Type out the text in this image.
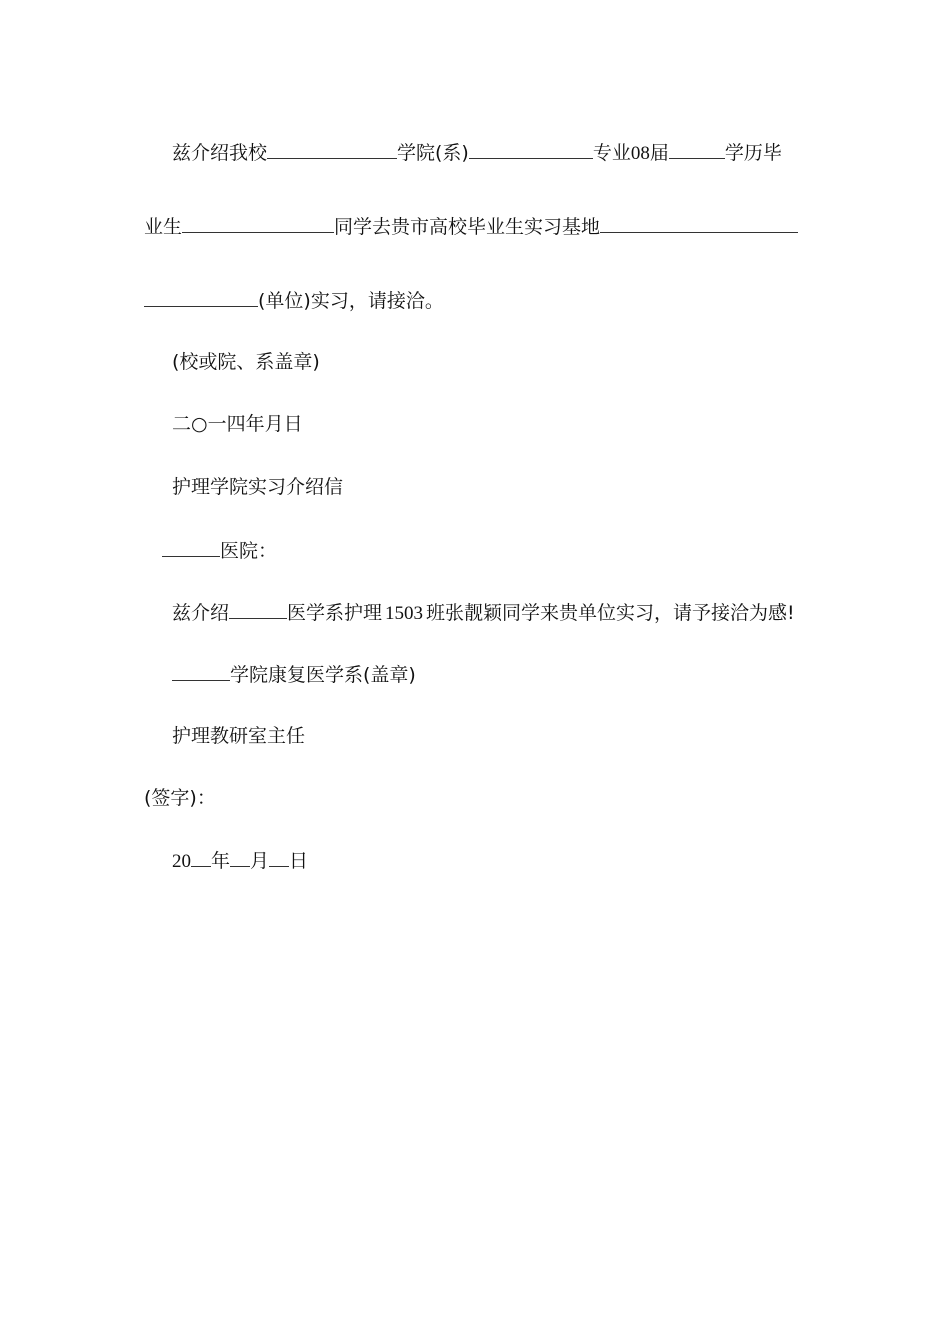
兹介绍我校	学院(系)	专业08届	学历毕
业生	同学去贵市高校毕业生实习基地
(单位)实习，请接洽。
(校或院、系盖章)
二○一四年月日
护理学院实习介绍信
医院：
兹介绍	医学系护理 1503 班张靓颖同学来贵单位实习，请予接洽为感!
学院康复医学系(盖章)
护理教研室主任
(签字)：
20 年 月 日
